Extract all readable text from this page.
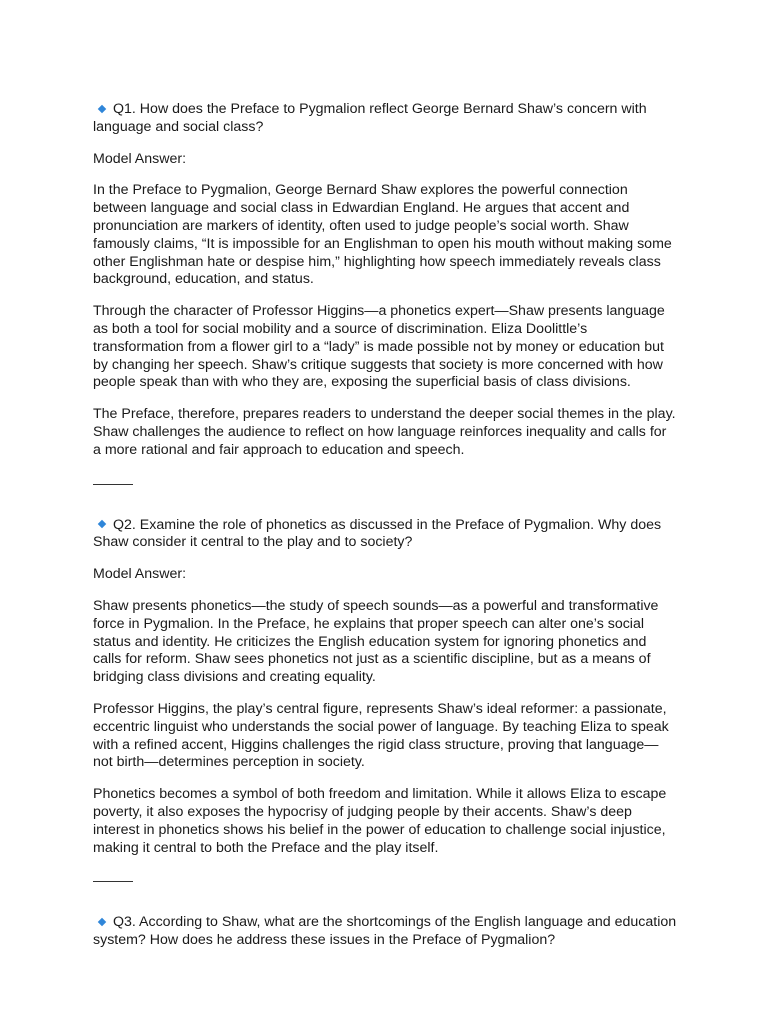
Q1. How does the Preface to Pygmalion reflect George Bernard Shaw’s concern with language and social class?

Model Answer:

In the Preface to Pygmalion, George Bernard Shaw explores the powerful connection between language and social class in Edwardian England. He argues that accent and pronunciation are markers of identity, often used to judge people’s social worth. Shaw famously claims, “It is impossible for an Englishman to open his mouth without making some other Englishman hate or despise him,” highlighting how speech immediately reveals class background, education, and status.

Through the character of Professor Higgins—a phonetics expert—Shaw presents language as both a tool for social mobility and a source of discrimination. Eliza Doolittle’s transformation from a flower girl to a “lady” is made possible not by money or education but by changing her speech. Shaw’s critique suggests that society is more concerned with how people speak than with who they are, exposing the superficial basis of class divisions.

The Preface, therefore, prepares readers to understand the deeper social themes in the play. Shaw challenges the audience to reflect on how language reinforces inequality and calls for a more rational and fair approach to education and speech.

Q2. Examine the role of phonetics as discussed in the Preface of Pygmalion. Why does Shaw consider it central to the play and to society?

Model Answer:

Shaw presents phonetics—the study of speech sounds—as a powerful and transformative force in Pygmalion. In the Preface, he explains that proper speech can alter one’s social status and identity. He criticizes the English education system for ignoring phonetics and calls for reform. Shaw sees phonetics not just as a scientific discipline, but as a means of bridging class divisions and creating equality.

Professor Higgins, the play’s central figure, represents Shaw’s ideal reformer: a passionate, eccentric linguist who understands the social power of language. By teaching Eliza to speak with a refined accent, Higgins challenges the rigid class structure, proving that language—not birth—determines perception in society.

Phonetics becomes a symbol of both freedom and limitation. While it allows Eliza to escape poverty, it also exposes the hypocrisy of judging people by their accents. Shaw’s deep interest in phonetics shows his belief in the power of education to challenge social injustice, making it central to both the Preface and the play itself.

Q3. According to Shaw, what are the shortcomings of the English language and education system? How does he address these issues in the Preface of Pygmalion?
